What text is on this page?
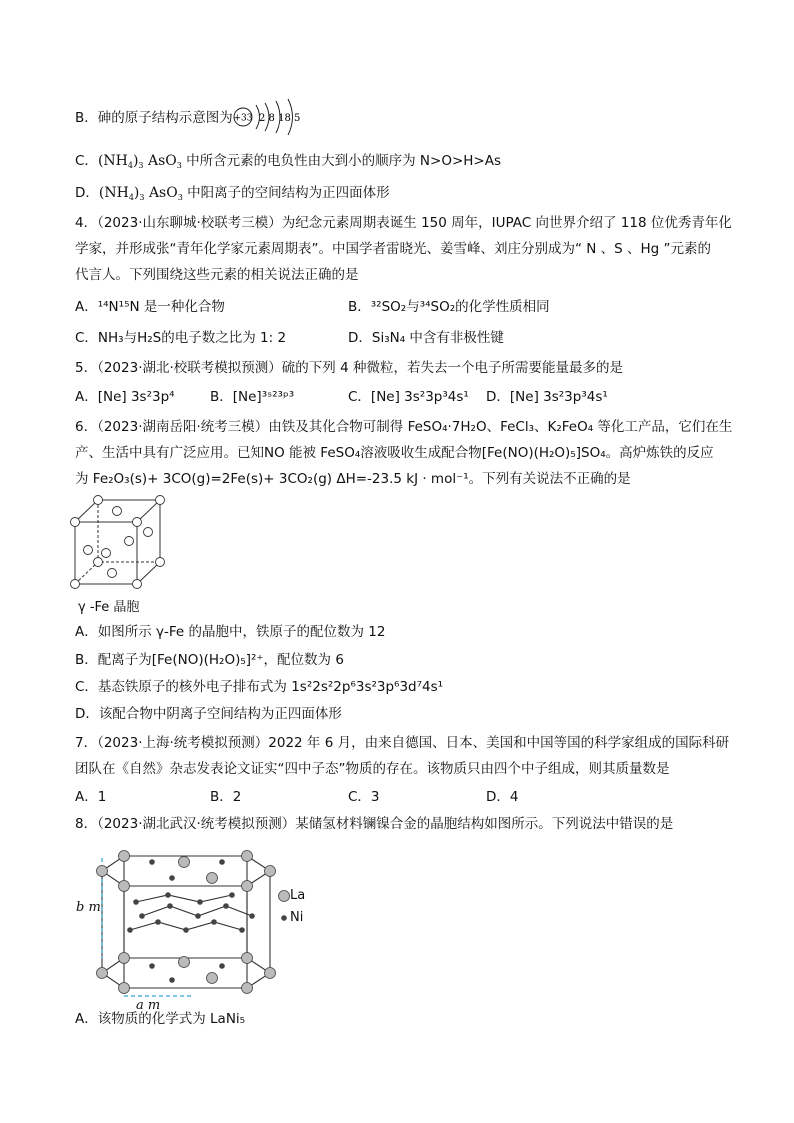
B．砷的原子结构示意图为 +33 2 8 18 5
C．$(NH_4)_3$ AsO$_3$ 中所含元素的电负性由大到小的顺序为 N>O>H>As
D．$(NH_4)_3$ AsO$_3$ 中阳离子的空间结构为正四面体形
4．（2023·山东聊城·校联考三模）为纪念元素周期表诞生 150 周年，IUPAC 向世界介绍了 118 位优秀青年化
学家，并形成张“青年化学家元素周期表”。中国学者雷晓光、姜雪峰、刘庄分别成为“ N 、S 、Hg ”元素的
代言人。下列围绕这些元素的相关说法正确的是
A．¹⁴N¹⁵N 是一种化合物	B．³²SO₂与³⁴SO₂的化学性质相同
C．NH₃与H₂S的电子数之比为 1: 2	D．Si₃N₄ 中含有非极性键
5．（2023·湖北·校联考模拟预测）硫的下列 4 种微粒，若失去一个电子所需要能量最多的是
A．[Ne] 3s²3p⁴	B．[Ne]³ˢ²³ᵖ³	C．[Ne] 3s²3p³4s¹ D．[Ne] 3s²3p³4s¹
6．（2023·湖南岳阳·统考三模）由铁及其化合物可制得 FeSO₄·7H₂O、FeCl₃、K₂FeO₄ 等化工产品，它们在生
产、生活中具有广泛应用。已知NO 能被 FeSO₄溶液吸收生成配合物[Fe(NO)(H₂O)₅]SO₄。高炉炼铁的反应
为 Fe₂O₃(s)+ 3CO(g)=2Fe(s)+ 3CO₂(g) ΔH=-23.5 kJ · mol⁻¹。下列有关说法不正确的是
γ -Fe 晶胞
A．如图所示 γ-Fe 的晶胞中，铁原子的配位数为 12
B．配离子为[Fe(NO)(H₂O)₅]²⁺，配位数为 6
C．基态铁原子的核外电子排布式为 1s²2s²2p⁶3s²3p⁶3d⁷4s¹
D．该配合物中阴离子空间结构为正四面体形
7．（2023·上海·统考模拟预测）2022 年 6 月，由来自德国、日本、美国和中国等国的科学家组成的国际科研
团队在《自然》杂志发表论文证实“四中子态”物质的存在。该物质只由四个中子组成，则其质量数是
A．1	B．2	C．3	D．4
8．（2023·湖北武汉·统考模拟预测）某储氢材料镧镍合金的晶胞结构如图所示。下列说法中错误的是
b m
a m
La
Ni
A．该物质的化学式为 LaNi₅
